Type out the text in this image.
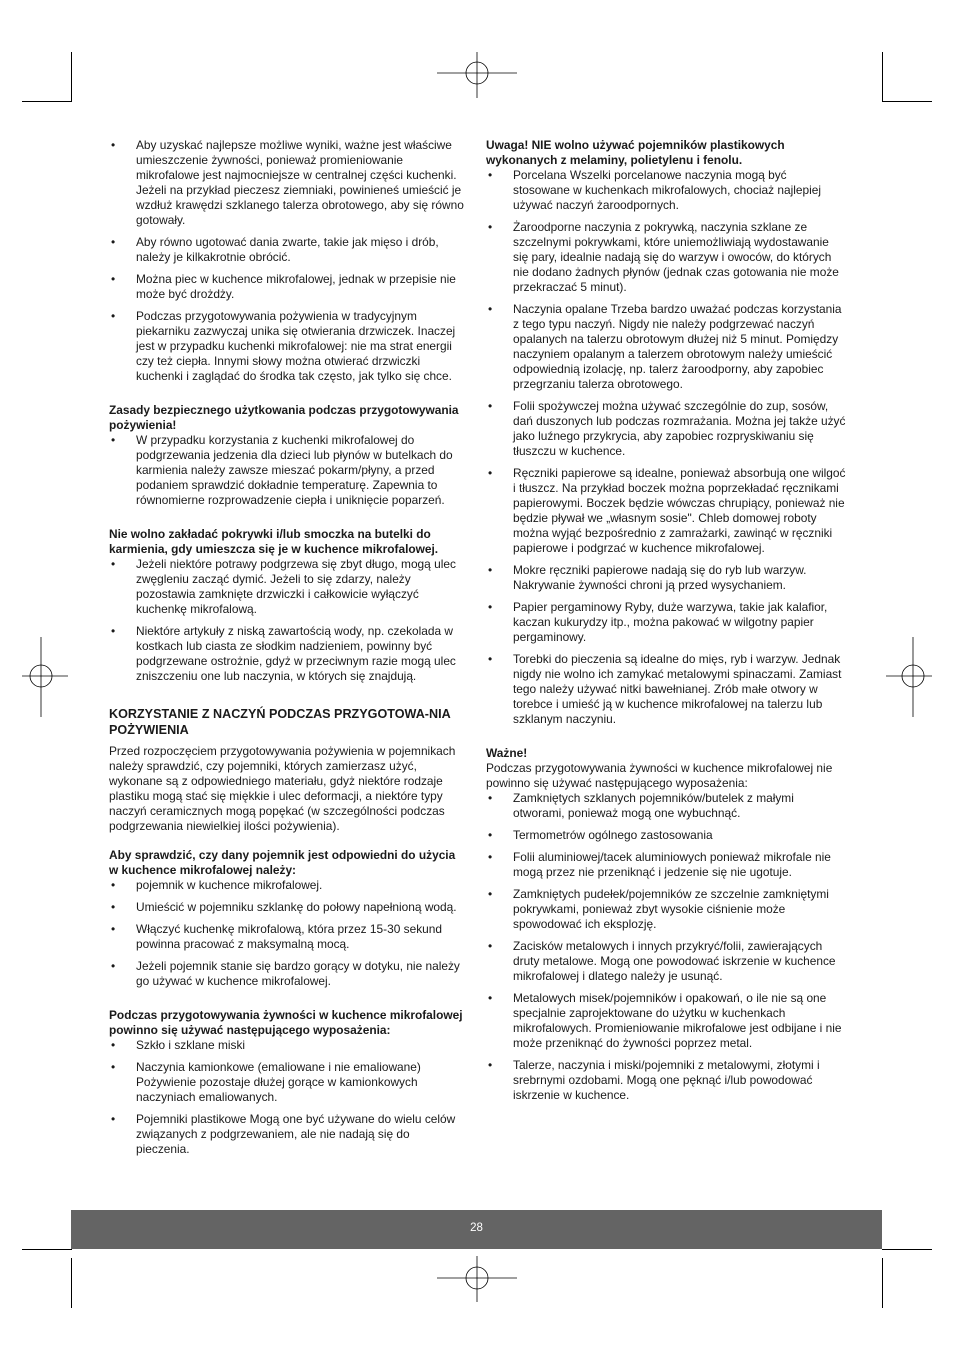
• Aby uzyskać najlepsze możliwe wyniki, ważne jest właściwe umieszczenie żywności, ponieważ promieniowanie mikrofalowe jest najmocniejsze w centralnej części kuchenki. Jeżeli na przykład pieczesz ziemniaki, powinieneś umieścić je wzdłuż krawędzi szklanego talerza obrotowego, aby się równo gotowały.
• Aby równo ugotować dania zwarte, takie jak mięso i drób, należy je kilkakrotnie obrócić.
• Można piec w kuchence mikrofalowej, jednak w przepisie nie może być drożdży.
• Podczas przygotowywania pożywienia w tradycyjnym piekarniku zazwyczaj unika się otwierania drzwiczek. Inaczej jest w przypadku kuchenki mikrofalowej: nie ma strat energii czy też ciepła. Innymi słowy można otwierać drzwiczki kuchenki i zaglądać do środka tak często, jak tylko się chce.
Zasady bezpiecznego użytkowania podczas przygotowywania pożywienia!
• W przypadku korzystania z kuchenki mikrofalowej do podgrzewania jedzenia dla dzieci lub płynów w butelkach do karmienia należy zawsze mieszać pokarm/płyny, a przed podaniem sprawdzić dokładnie temperaturę. Zapewnia to równomierne rozprowadzenie ciepła i uniknięcie poparzeń.
Nie wolno zakładać pokrywki i/lub smoczka na butelki do karmienia, gdy umieszcza się je w kuchence mikrofalowej.
• Jeżeli niektóre potrawy podgrzewa się zbyt długo, mogą ulec zwęgleniu zacząć dymić. Jeżeli to się zdarzy, należy pozostawia zamknięte drzwiczki i całkowicie wyłączyć kuchenkę mikrofalową.
• Niektóre artykuły z niską zawartością wody, np. czekolada w kostkach lub ciasta ze słodkim nadzieniem, powinny być podgrzewane ostrożnie, gdyż w przeciwnym razie mogą ulec zniszczeniu one lub naczynia, w których się znajdują.
KORZYSTANIE Z NACZYŃ PODCZAS PRZYGOTOWA-NIA POŻYWIENIA
Przed rozpoczęciem przygotowywania pożywienia w pojemnikach należy sprawdzić, czy pojemniki, których zamierzasz użyć, wykonane są z odpowiedniego materiału, gdyż niektóre rodzaje plastiku mogą stać się miękkie i ulec deformacji, a niektóre typy naczyń ceramicznych mogą popękać (w szczególności podczas podgrzewania niewielkiej ilości pożywienia).
Aby sprawdzić, czy dany pojemnik jest odpowiedni do użycia w kuchence mikrofalowej należy:
• pojemnik w kuchence mikrofalowej.
• Umieścić w pojemniku szklankę do połowy napełnioną wodą.
• Włączyć kuchenkę mikrofalową, która przez 15-30 sekund powinna pracować z maksymalną mocą.
• Jeżeli pojemnik stanie się bardzo gorący w dotyku, nie należy go używać w kuchence mikrofalowej.
Podczas przygotowywania żywności w kuchence mikrofalowej powinno się używać następującego wyposażenia:
• Szkło i szklane miski
• Naczynia kamionkowe (emaliowane i nie emaliowane) Pożywienie pozostaje dłużej gorące w kamionkowych naczyniach emaliowanych.
• Pojemniki plastikowe Mogą one być używane do wielu celów związanych z podgrzewaniem, ale nie nadają się do pieczenia.
Uwaga! NIE wolno używać pojemników plastikowych wykonanych z melaminy, polietylenu i fenolu.
• Porcelana Wszelki porcelanowe naczynia mogą być stosowane w kuchenkach mikrofalowych, chociaż najlepiej używać naczyń żaroodpornych.
• Żaroodporne naczynia z pokrywką, naczynia szklane ze szczelnymi pokrywkami, które uniemożliwiają wydostawanie się pary, idealnie nadają się do warzyw i owoców, do których nie dodano żadnych płynów (jednak czas gotowania nie może przekraczać 5 minut).
• Naczynia opalane Trzeba bardzo uważać podczas korzystania z tego typu naczyń. Nigdy nie należy podgrzewać naczyń opalanych na talerzu obrotowym dłużej niż 5 minut. Pomiędzy naczyniem opalanym a talerzem obrotowym należy umieścić odpowiednią izolację, np. talerz żaroodporny, aby zapobiec przegrzaniu talerza obrotowego.
• Folii spożywczej można używać szczególnie do zup, sosów, dań duszonych lub podczas rozmrażania. Można jej także użyć jako luźnego przykrycia, aby zapobiec rozpryskiwaniu się tłuszczu w kuchence.
• Ręczniki papierowe są idealne, ponieważ absorbują one wilgoć i tłuszcz. Na przykład boczek można poprzekładać ręcznikami papierowymi. Boczek będzie wówczas chrupiący, ponieważ nie będzie pływał we „własnym sosie". Chleb domowej roboty można wyjąć bezpośrednio z zamrażarki, zawinąć w ręczniki papierowe i podgrzać w kuchence mikrofalowej.
• Mokre ręczniki papierowe nadają się do ryb lub warzyw. Nakrywanie żywności chroni ją przed wysychaniem.
• Papier pergaminowy Ryby, duże warzywa, takie jak kalafior, kaczan kukurydzy itp., można pakować w wilgotny papier pergaminowy.
• Torebki do pieczenia są idealne do mięs, ryb i warzyw. Jednak nigdy nie wolno ich zamykać metalowymi spinaczami. Zamiast tego należy używać nitki bawełnianej. Zrób małe otwory w torebce i umieść ją w kuchence mikrofalowej na talerzu lub szklanym naczyniu.
Ważne!
Podczas przygotowywania żywności w kuchence mikrofalowej nie powinno się używać następującego wyposażenia:
• Zamkniętych szklanych pojemników/butelek z małymi otworami, ponieważ mogą one wybuchnąć.
• Termometrów ogólnego zastosowania
• Folii aluminiowej/tacek aluminiowych ponieważ mikrofale nie mogą przez nie przeniknąć i jedzenie się nie ugotuje.
• Zamkniętych pudełek/pojemników ze szczelnie zamkniętymi pokrywkami, ponieważ zbyt wysokie ciśnienie może spowodować ich eksplozję.
• Zacisków metalowych i innych przykryć/folii, zawierających druty metalowe. Mogą one powodować iskrzenie w kuchence mikrofalowej i dlatego należy je usunąć.
• Metalowych misek/pojemników i opakowań, o ile nie są one specjalnie zaprojektowane do użytku w kuchenkach mikrofalowych. Promieniowanie mikrofalowe jest odbijane i nie może przeniknąć do żywności poprzez metal.
• Talerze, naczynia i miski/pojemniki z metalowymi, złotymi i srebrnymi ozdobami. Mogą one pęknąć i/lub powodować iskrzenie w kuchence.
28
